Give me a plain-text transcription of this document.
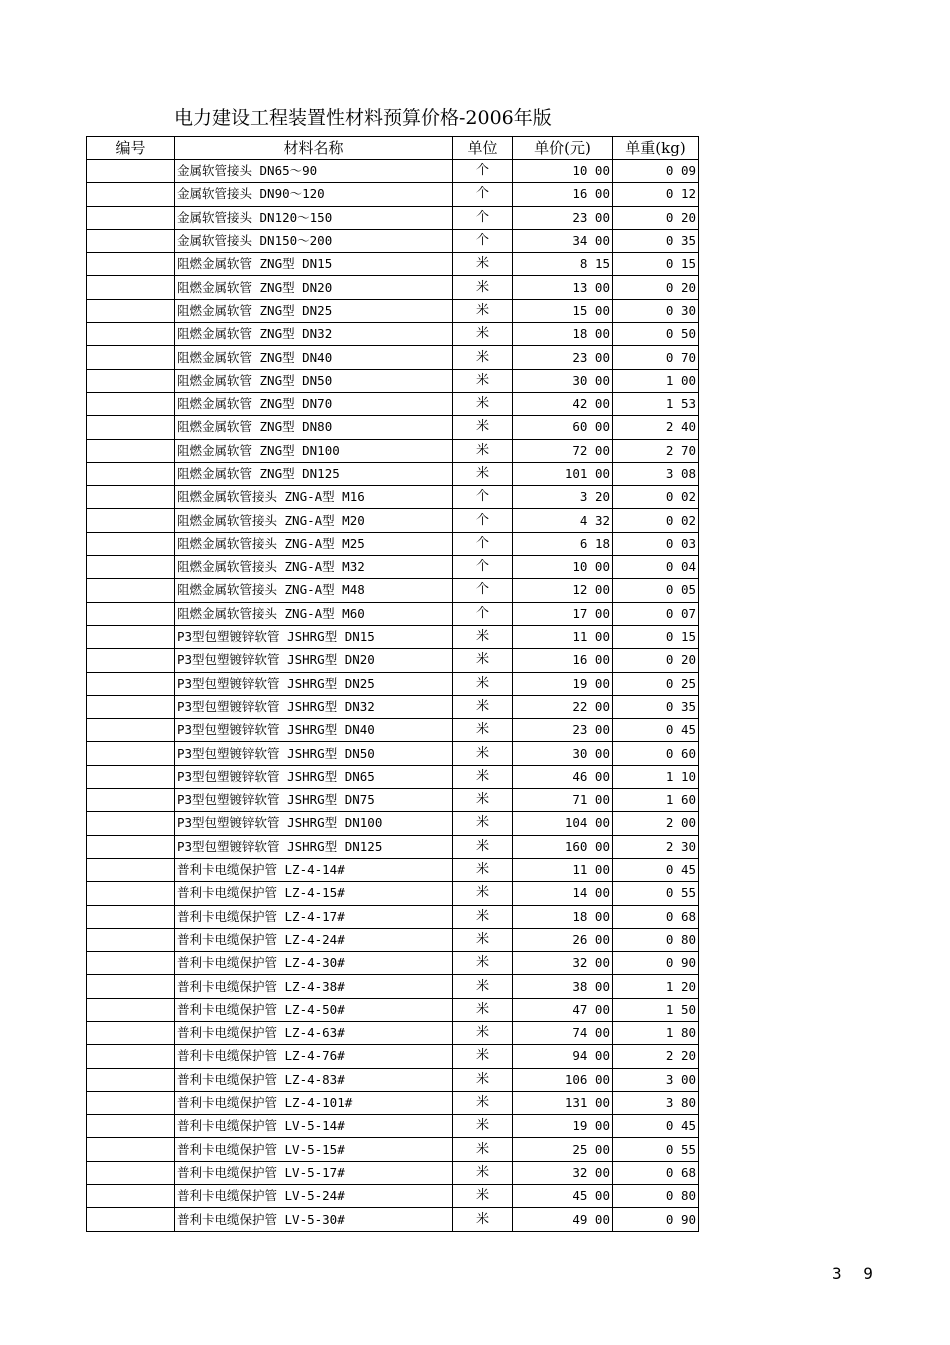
电力建设工程装置性材料预算价格-2006年版
编号	材料名称	单位	单价(元)	单重(kg)
	金属软管接头 DN65～90	个	10 00	0 09
	金属软管接头 DN90～120	个	16 00	0 12
	金属软管接头 DN120～150	个	23 00	0 20
	金属软管接头 DN150～200	个	34 00	0 35
	阻燃金属软管 ZNG型 DN15	米	8 15	0 15
	阻燃金属软管 ZNG型 DN20	米	13 00	0 20
	阻燃金属软管 ZNG型 DN25	米	15 00	0 30
	阻燃金属软管 ZNG型 DN32	米	18 00	0 50
	阻燃金属软管 ZNG型 DN40	米	23 00	0 70
	阻燃金属软管 ZNG型 DN50	米	30 00	1 00
	阻燃金属软管 ZNG型 DN70	米	42 00	1 53
	阻燃金属软管 ZNG型 DN80	米	60 00	2 40
	阻燃金属软管 ZNG型 DN100	米	72 00	2 70
	阻燃金属软管 ZNG型 DN125	米	101 00	3 08
	阻燃金属软管接头 ZNG-A型 M16	个	3 20	0 02
	阻燃金属软管接头 ZNG-A型 M20	个	4 32	0 02
	阻燃金属软管接头 ZNG-A型 M25	个	6 18	0 03
	阻燃金属软管接头 ZNG-A型 M32	个	10 00	0 04
	阻燃金属软管接头 ZNG-A型 M48	个	12 00	0 05
	阻燃金属软管接头 ZNG-A型 M60	个	17 00	0 07
	P3型包塑镀锌软管 JSHRG型 DN15	米	11 00	0 15
	P3型包塑镀锌软管 JSHRG型 DN20	米	16 00	0 20
	P3型包塑镀锌软管 JSHRG型 DN25	米	19 00	0 25
	P3型包塑镀锌软管 JSHRG型 DN32	米	22 00	0 35
	P3型包塑镀锌软管 JSHRG型 DN40	米	23 00	0 45
	P3型包塑镀锌软管 JSHRG型 DN50	米	30 00	0 60
	P3型包塑镀锌软管 JSHRG型 DN65	米	46 00	1 10
	P3型包塑镀锌软管 JSHRG型 DN75	米	71 00	1 60
	P3型包塑镀锌软管 JSHRG型 DN100	米	104 00	2 00
	P3型包塑镀锌软管 JSHRG型 DN125	米	160 00	2 30
	普利卡电缆保护管 LZ-4-14#	米	11 00	0 45
	普利卡电缆保护管 LZ-4-15#	米	14 00	0 55
	普利卡电缆保护管 LZ-4-17#	米	18 00	0 68
	普利卡电缆保护管 LZ-4-24#	米	26 00	0 80
	普利卡电缆保护管 LZ-4-30#	米	32 00	0 90
	普利卡电缆保护管 LZ-4-38#	米	38 00	1 20
	普利卡电缆保护管 LZ-4-50#	米	47 00	1 50
	普利卡电缆保护管 LZ-4-63#	米	74 00	1 80
	普利卡电缆保护管 LZ-4-76#	米	94 00	2 20
	普利卡电缆保护管 LZ-4-83#	米	106 00	3 00
	普利卡电缆保护管 LZ-4-101#	米	131 00	3 80
	普利卡电缆保护管 LV-5-14#	米	19 00	0 45
	普利卡电缆保护管 LV-5-15#	米	25 00	0 55
	普利卡电缆保护管 LV-5-17#	米	32 00	0 68
	普利卡电缆保护管 LV-5-24#	米	45 00	0 80
	普利卡电缆保护管 LV-5-30#	米	49 00	0 90
3 9
